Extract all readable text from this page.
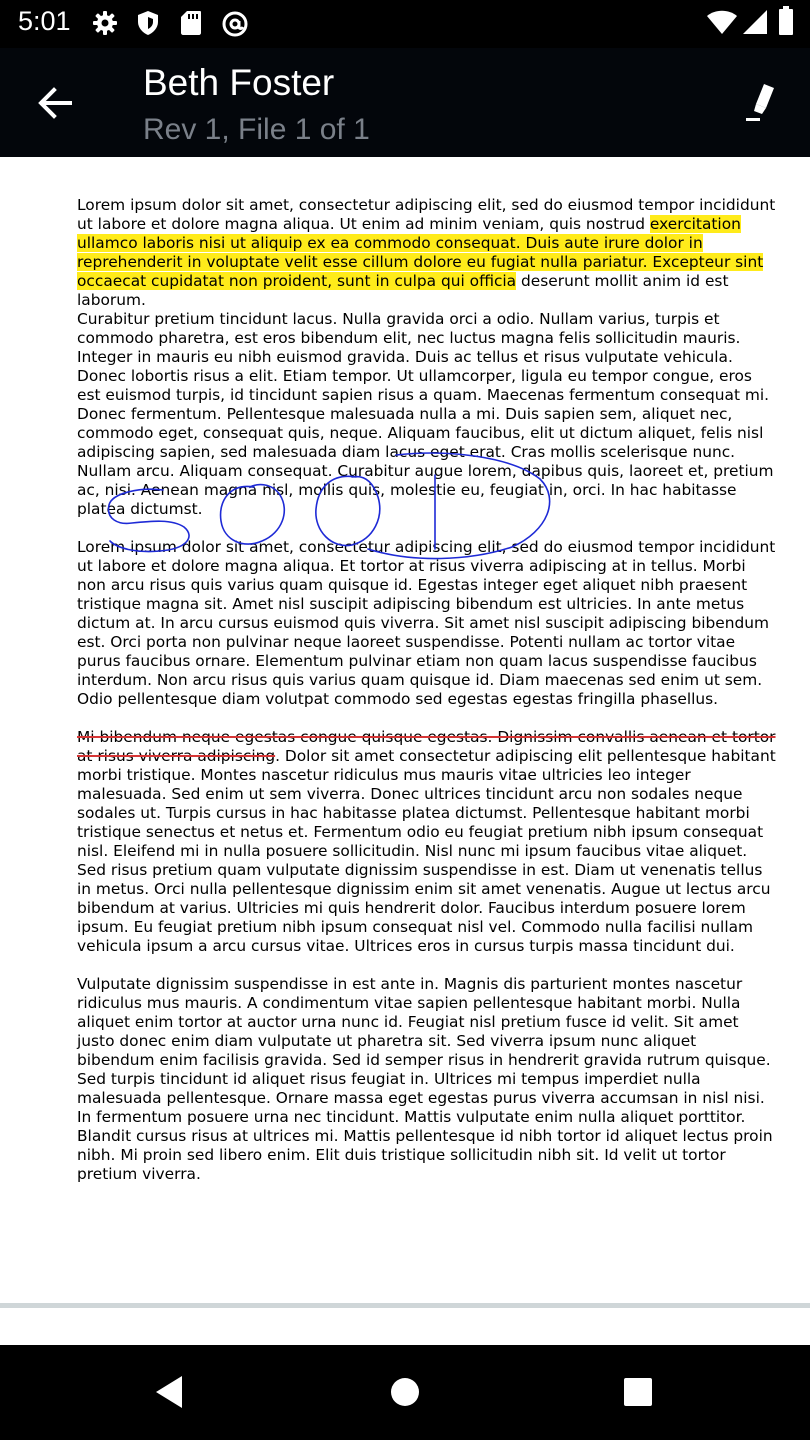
5:01
Beth Foster
Rev 1, File 1 of 1

Lorem ipsum dolor sit amet, consectetur adipiscing elit, sed do eiusmod tempor incididunt ut labore et dolore magna aliqua. Ut enim ad minim veniam, quis nostrud exercitation ullamco laboris nisi ut aliquip ex ea commodo consequat. Duis aute irure dolor in reprehenderit in voluptate velit esse cillum dolore eu fugiat nulla pariatur. Excepteur sint occaecat cupidatat non proident, sunt in culpa qui officia deserunt mollit anim id est laborum.

Curabitur pretium tincidunt lacus. Nulla gravida orci a odio. Nullam varius, turpis et commodo pharetra, est eros bibendum elit, nec luctus magna felis sollicitudin mauris. Integer in mauris eu nibh euismod gravida. Duis ac tellus et risus vulputate vehicula. Donec lobortis risus a elit. Etiam tempor. Ut ullamcorper, ligula eu tempor congue, eros est euismod turpis, id tincidunt sapien risus a quam. Maecenas fermentum consequat mi. Donec fermentum. Pellentesque malesuada nulla a mi. Duis sapien sem, aliquet nec, commodo eget, consequat quis, neque. Aliquam faucibus, elit ut dictum aliquet, felis nisl adipiscing sapien, sed malesuada diam lacus eget erat. Cras mollis scelerisque nunc. Nullam arcu. Aliquam consequat. Curabitur augue lorem, dapibus quis, laoreet et, pretium ac, nisi. Aenean magna nisl, mollis quis, molestie eu, feugiat in, orci. In hac habitasse platea dictumst.

Lorem ipsum dolor sit amet, consectetur adipiscing elit, sed do eiusmod tempor incididunt ut labore et dolore magna aliqua. Et tortor at risus viverra adipiscing at in tellus. Morbi non arcu risus quis varius quam quisque id. Egestas integer eget aliquet nibh praesent tristique magna sit. Amet nisl suscipit adipiscing bibendum est ultricies. In ante metus dictum at. In arcu cursus euismod quis viverra. Sit amet nisl suscipit adipiscing bibendum est. Orci porta non pulvinar neque laoreet suspendisse. Potenti nullam ac tortor vitae purus faucibus ornare. Elementum pulvinar etiam non quam lacus suspendisse faucibus interdum. Non arcu risus quis varius quam quisque id. Diam maecenas sed enim ut sem. Odio pellentesque diam volutpat commodo sed egestas egestas fringilla phasellus.

Mi bibendum neque egestas congue quisque egestas. Dignissim convallis aenean et tortor at risus viverra adipiscing. Dolor sit amet consectetur adipiscing elit pellentesque habitant morbi tristique. Montes nascetur ridiculus mus mauris vitae ultricies leo integer malesuada. Sed enim ut sem viverra. Donec ultrices tincidunt arcu non sodales neque sodales ut. Turpis cursus in hac habitasse platea dictumst. Pellentesque habitant morbi tristique senectus et netus et. Fermentum odio eu feugiat pretium nibh ipsum consequat nisl. Eleifend mi in nulla posuere sollicitudin. Nisl nunc mi ipsum faucibus vitae aliquet. Sed risus pretium quam vulputate dignissim suspendisse in est. Diam ut venenatis tellus in metus. Orci nulla pellentesque dignissim enim sit amet venenatis. Augue ut lectus arcu bibendum at varius. Ultricies mi quis hendrerit dolor. Faucibus interdum posuere lorem ipsum. Eu feugiat pretium nibh ipsum consequat nisl vel. Commodo nulla facilisi nullam vehicula ipsum a arcu cursus vitae. Ultrices eros in cursus turpis massa tincidunt dui.

Vulputate dignissim suspendisse in est ante in. Magnis dis parturient montes nascetur ridiculus mus mauris. A condimentum vitae sapien pellentesque habitant morbi. Nulla aliquet enim tortor at auctor urna nunc id. Feugiat nisl pretium fusce id velit. Sit amet justo donec enim diam vulputate ut pharetra sit. Sed viverra ipsum nunc aliquet bibendum enim facilisis gravida. Sed id semper risus in hendrerit gravida rutrum quisque. Sed turpis tincidunt id aliquet risus feugiat in. Ultrices mi tempus imperdiet nulla malesuada pellentesque. Ornare massa eget egestas purus viverra accumsan in nisl nisi. In fermentum posuere urna nec tincidunt. Mattis vulputate enim nulla aliquet porttitor. Blandit cursus risus at ultrices mi. Mattis pellentesque id nibh tortor id aliquet lectus proin nibh. Mi proin sed libero enim. Elit duis tristique sollicitudin nibh sit. Id velit ut tortor pretium viverra.
